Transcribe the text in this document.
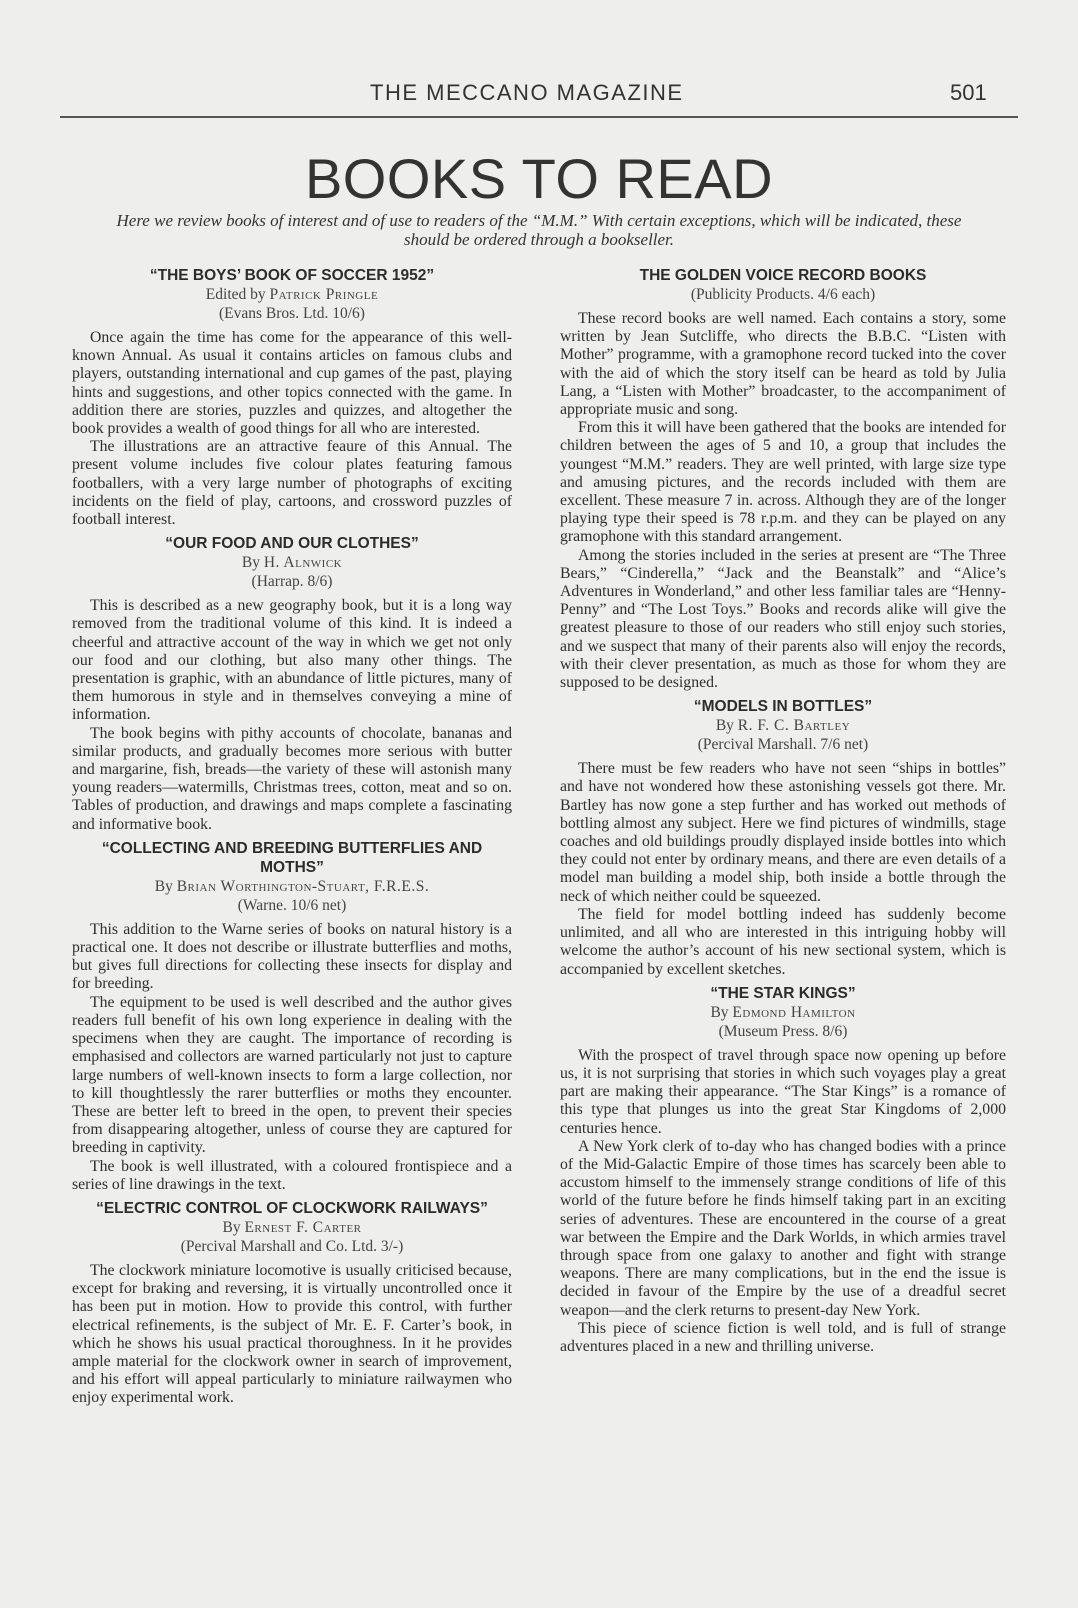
THE MECCANO MAGAZINE	501
BOOKS TO READ
Here we review books of interest and of use to readers of the “M.M.” With certain exceptions, which will be indicated, these should be ordered through a bookseller.
“THE BOYS’ BOOK OF SOCCER 1952”

Edited by Patrick Pringle

(Evans Bros. Ltd. 10/6)

Once again the time has come for the appearance of this well-known Annual. As usual it contains articles on famous clubs and players, outstanding international and cup games of the past, playing hints and suggestions, and other topics connected with the game. In addition there are stories, puzzles and quizzes, and altogether the book provides a wealth of good things for all who are interested.

The illustrations are an attractive feaure of this Annual. The present volume includes five colour plates featuring famous footballers, with a very large number of photographs of exciting incidents on the field of play, cartoons, and crossword puzzles of football interest.

“OUR FOOD AND OUR CLOTHES”

By H. Alnwick

(Harrap. 8/6)

This is described as a new geography book, but it is a long way removed from the traditional volume of this kind. It is indeed a cheerful and attractive account of the way in which we get not only our food and our clothing, but also many other things. The presentation is graphic, with an abundance of little pictures, many of them humorous in style and in themselves conveying a mine of information.

The book begins with pithy accounts of chocolate, bananas and similar products, and gradually becomes more serious with butter and margarine, fish, breads—the variety of these will astonish many young readers—watermills, Christmas trees, cotton, meat and so on. Tables of production, and drawings and maps complete a fascinating and informative book.

“COLLECTING AND BREEDING BUTTERFLIES AND MOTHS”

By Brian Worthington-Stuart, F.R.E.S.

(Warne. 10/6 net)

This addition to the Warne series of books on natural history is a practical one. It does not describe or illustrate butterflies and moths, but gives full directions for collecting these insects for display and for breeding.

The equipment to be used is well described and the author gives readers full benefit of his own long experience in dealing with the specimens when they are caught. The importance of recording is emphasised and collectors are warned particularly not just to capture large numbers of well-known insects to form a large collection, nor to kill thoughtlessly the rarer butterflies or moths they encounter. These are better left to breed in the open, to prevent their species from disappearing altogether, unless of course they are captured for breeding in captivity.

The book is well illustrated, with a coloured frontispiece and a series of line drawings in the text.

“ELECTRIC CONTROL OF CLOCKWORK RAILWAYS”

By Ernest F. Carter

(Percival Marshall and Co. Ltd. 3/-)

The clockwork miniature locomotive is usually criticised because, except for braking and reversing, it is virtually uncontrolled once it has been put in motion. How to provide this control, with further electrical refinements, is the subject of Mr. E. F. Carter’s book, in which he shows his usual practical thoroughness. In it he provides ample material for the clockwork owner in search of improvement, and his effort will appeal particularly to miniature railwaymen who enjoy experimental work.

THE GOLDEN VOICE RECORD BOOKS

(Publicity Products. 4/6 each)

These record books are well named. Each contains a story, some written by Jean Sutcliffe, who directs the B.B.C. “Listen with Mother” programme, with a gramophone record tucked into the cover with the aid of which the story itself can be heard as told by Julia Lang, a “Listen with Mother” broadcaster, to the accompaniment of appropriate music and song.

From this it will have been gathered that the books are intended for children between the ages of 5 and 10, a group that includes the youngest “M.M.” readers. They are well printed, with large size type and amusing pictures, and the records included with them are excellent. These measure 7 in. across. Although they are of the longer playing type their speed is 78 r.p.m. and they can be played on any gramophone with this standard arrangement.

Among the stories included in the series at present are “The Three Bears,” “Cinderella,” “Jack and the Beanstalk” and “Alice’s Adventures in Wonderland,” and other less familiar tales are “Henny-Penny” and “The Lost Toys.” Books and records alike will give the greatest pleasure to those of our readers who still enjoy such stories, and we suspect that many of their parents also will enjoy the records, with their clever presentation, as much as those for whom they are supposed to be designed.

“MODELS IN BOTTLES”

By R. F. C. Bartley

(Percival Marshall. 7/6 net)

There must be few readers who have not seen “ships in bottles” and have not wondered how these astonishing vessels got there. Mr. Bartley has now gone a step further and has worked out methods of bottling almost any subject. Here we find pictures of windmills, stage coaches and old buildings proudly displayed inside bottles into which they could not enter by ordinary means, and there are even details of a model man building a model ship, both inside a bottle through the neck of which neither could be squeezed.

The field for model bottling indeed has suddenly become unlimited, and all who are interested in this intriguing hobby will welcome the author’s account of his new sectional system, which is accompanied by excellent sketches.

“THE STAR KINGS”

By Edmond Hamilton

(Museum Press. 8/6)

With the prospect of travel through space now opening up before us, it is not surprising that stories in which such voyages play a great part are making their appearance. “The Star Kings” is a romance of this type that plunges us into the great Star Kingdoms of 2,000 centuries hence.

A New York clerk of to-day who has changed bodies with a prince of the Mid-Galactic Empire of those times has scarcely been able to accustom himself to the immensely strange conditions of life of this world of the future before he finds himself taking part in an exciting series of adventures. These are encountered in the course of a great war between the Empire and the Dark Worlds, in which armies travel through space from one galaxy to another and fight with strange weapons. There are many complications, but in the end the issue is decided in favour of the Empire by the use of a dreadful secret weapon—and the clerk returns to present-day New York.

This piece of science fiction is well told, and is full of strange adventures placed in a new and thrilling universe.
